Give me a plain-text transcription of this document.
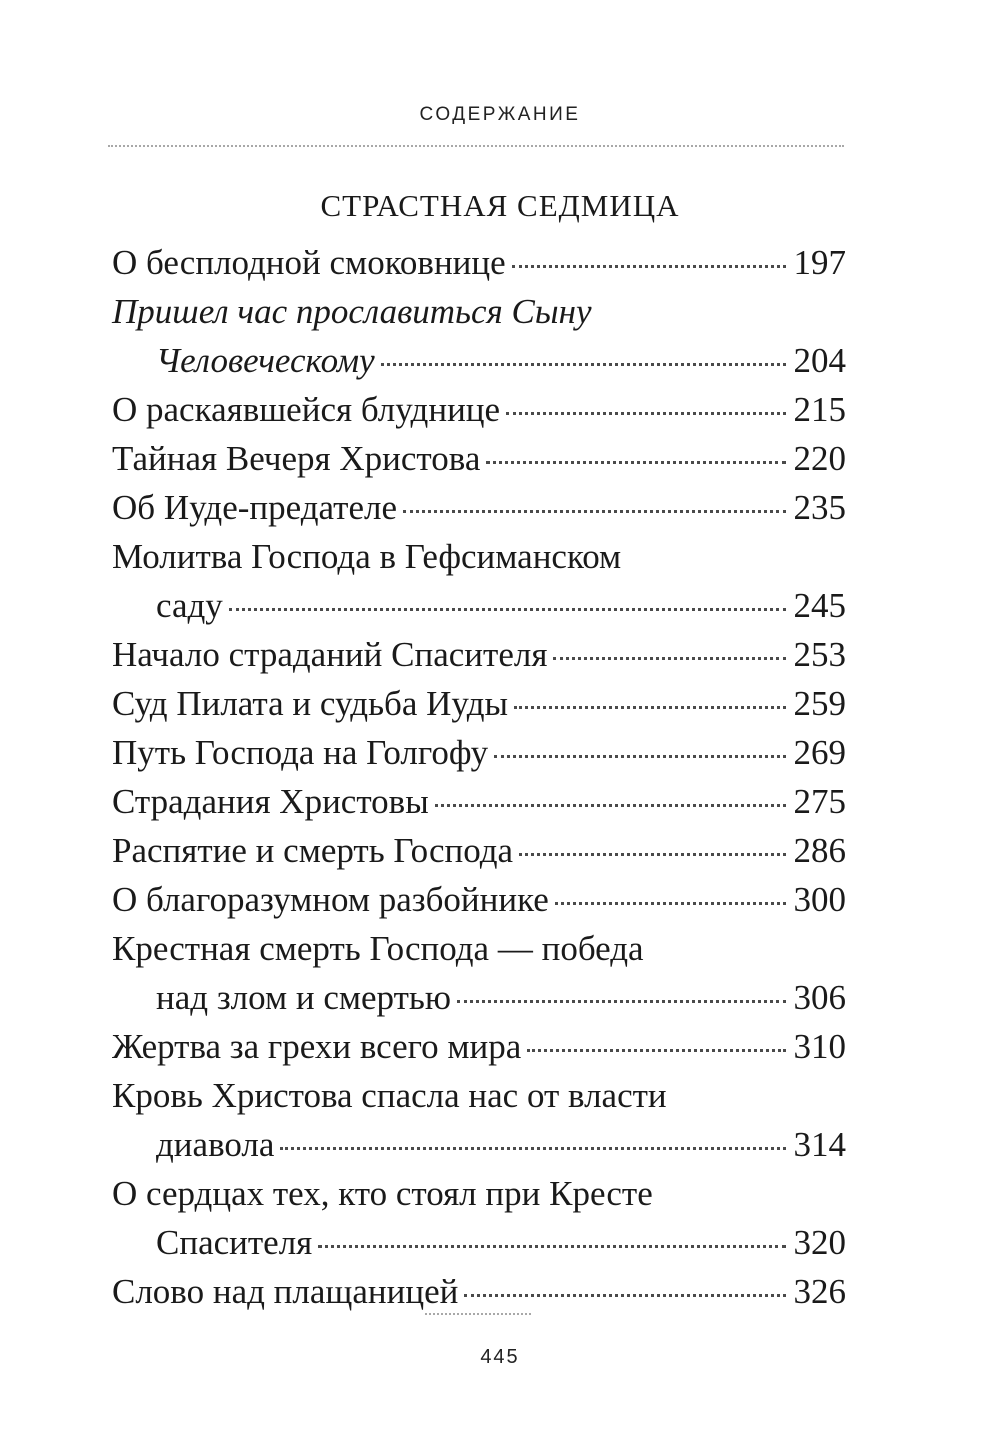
СОДЕРЖАНИЕ
СТРАСТНАЯ СЕДМИЦА
О бесплодной смоковнице	197
Пришел час прославиться Сыну
Человеческому	204
О раскаявшейся блуднице	215
Тайная Вечеря Христова	220
Об Иуде-предателе	235
Молитва Господа в Гефсиманском
саду	245
Начало страданий Спасителя	253
Суд Пилата и судьба Иуды	259
Путь Господа на Голгофу	269
Страдания Христовы	275
Распятие и смерть Господа	286
О благоразумном разбойнике	300
Крестная смерть Господа — победа
над злом и смертью	306
Жертва за грехи всего мира	310
Кровь Христова спасла нас от власти
диавола	314
О сердцах тех, кто стоял при Кресте
Спасителя	320
Слово над плащаницей	326
445
